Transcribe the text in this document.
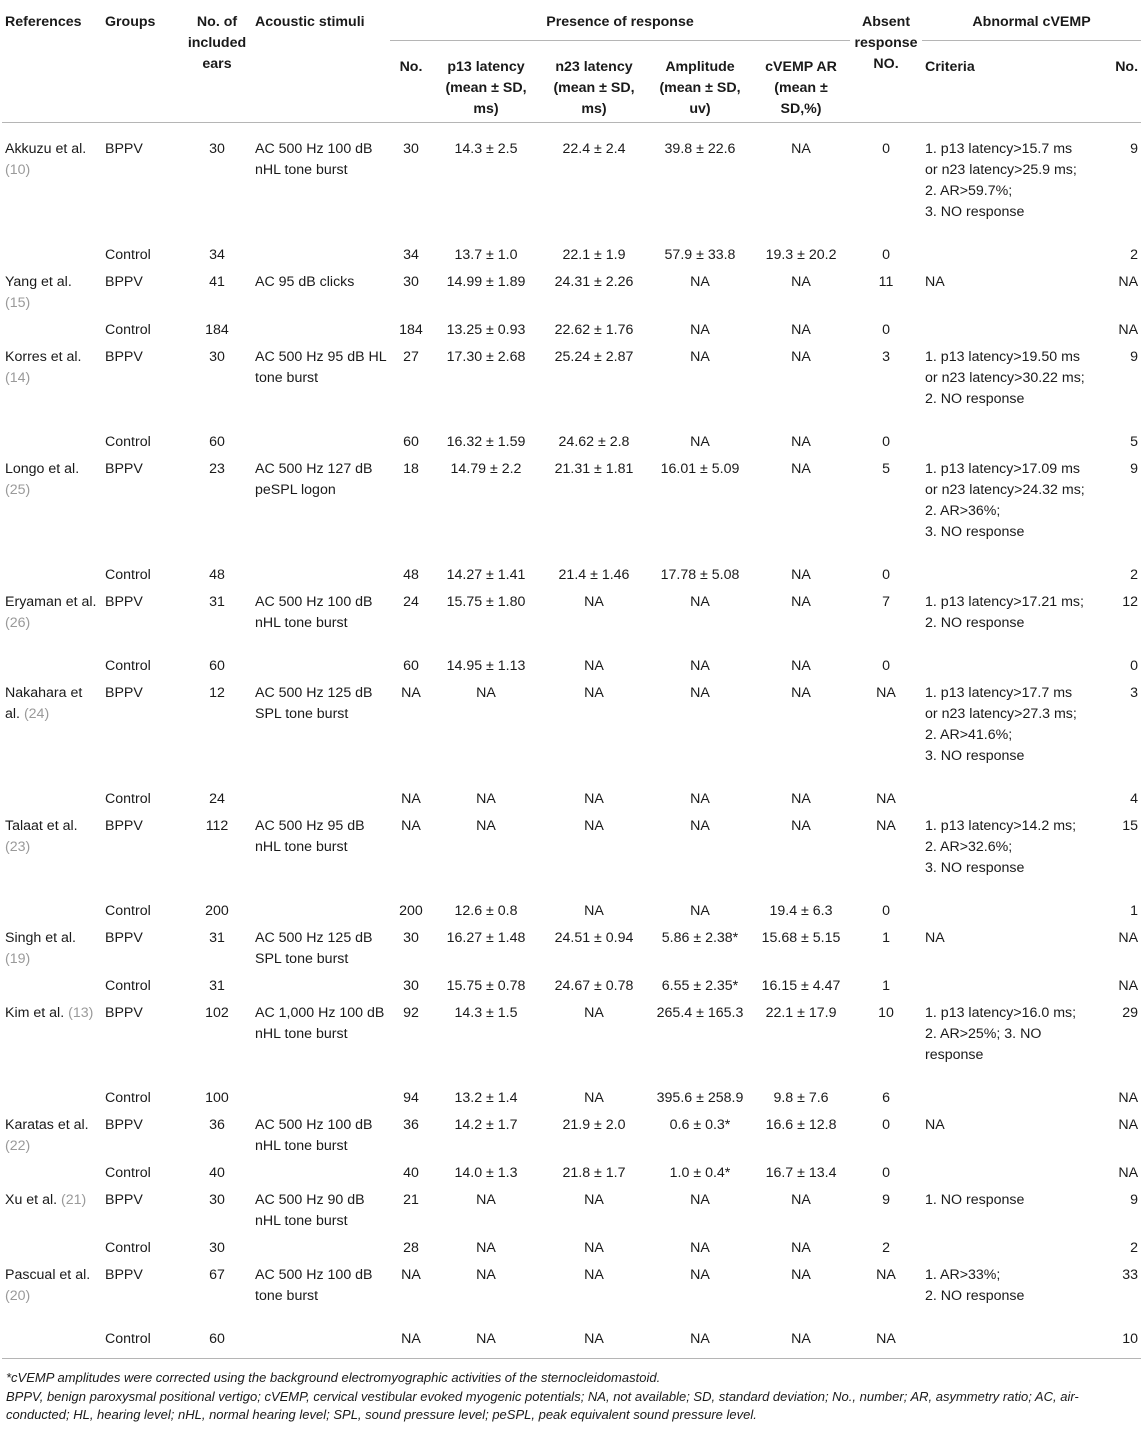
References	Groups	No. of included ears	Acoustic stimuli	Presence of response					Absent response NO.	Abnormal cVEMP	
				No.	p13 latency (mean ± SD, ms)	n23 latency (mean ± SD, ms)	Amplitude (mean ± SD, uv)	cVEMP AR (mean ± SD,%)		Criteria	No.
Akkuzu et al. (10)	BPPV	30	AC 500 Hz 100 dB nHL tone burst	30	14.3 ± 2.5	22.4 ± 2.4	39.8 ± 22.6	NA	0	1. p13 latency>15.7 ms or n23 latency>25.9 ms;
2. AR>59.7%;
3. NO response	9
	Control	34		34	13.7 ± 1.0	22.1 ± 1.9	57.9 ± 33.8	19.3 ± 20.2	0		2
Yang et al. (15)	BPPV	41	AC 95 dB clicks	30	14.99 ± 1.89	24.31 ± 2.26	NA	NA	11	NA	NA
	Control	184		184	13.25 ± 0.93	22.62 ± 1.76	NA	NA	0		NA
Korres et al. (14)	BPPV	30	AC 500 Hz 95 dB HL tone burst	27	17.30 ± 2.68	25.24 ± 2.87	NA	NA	3	1. p13 latency>19.50 ms or n23 latency>30.22 ms;
2. NO response	9
	Control	60		60	16.32 ± 1.59	24.62 ± 2.8	NA	NA	0		5
Longo et al. (25)	BPPV	23	AC 500 Hz 127 dB peSPL logon	18	14.79 ± 2.2	21.31 ± 1.81	16.01 ± 5.09	NA	5	1. p13 latency>17.09 ms or n23 latency>24.32 ms;
2. AR>36%;
3. NO response	9
	Control	48		48	14.27 ± 1.41	21.4 ± 1.46	17.78 ± 5.08	NA	0		2
Eryaman et al. (26)	BPPV	31	AC 500 Hz 100 dB nHL tone burst	24	15.75 ± 1.80	NA	NA	NA	7	1. p13 latency>17.21 ms;
2. NO response	12
	Control	60		60	14.95 ± 1.13	NA	NA	NA	0		0
Nakahara et al. (24)	BPPV	12	AC 500 Hz 125 dB SPL tone burst	NA	NA	NA	NA	NA	NA	1. p13 latency>17.7 ms or n23 latency>27.3 ms;
2. AR>41.6%;
3. NO response	3
	Control	24		NA	NA	NA	NA	NA	NA		4
Talaat et al. (23)	BPPV	112	AC 500 Hz 95 dB nHL tone burst	NA	NA	NA	NA	NA	NA	1. p13 latency>14.2 ms;
2. AR>32.6%;
3. NO response	15
	Control	200		200	12.6 ± 0.8	NA	NA	19.4 ± 6.3	0		1
Singh et al. (19)	BPPV	31	AC 500 Hz 125 dB SPL tone burst	30	16.27 ± 1.48	24.51 ± 0.94	5.86 ± 2.38*	15.68 ± 5.15	1	NA	NA
	Control	31		30	15.75 ± 0.78	24.67 ± 0.78	6.55 ± 2.35*	16.15 ± 4.47	1		NA
Kim et al. (13)	BPPV	102	AC 1,000 Hz 100 dB nHL tone burst	92	14.3 ± 1.5	NA	265.4 ± 165.3	22.1 ± 17.9	10	1. p13 latency>16.0 ms;
2. AR>25%; 3. NO response	29
	Control	100		94	13.2 ± 1.4	NA	395.6 ± 258.9	9.8 ± 7.6	6		NA
Karatas et al. (22)	BPPV	36	AC 500 Hz 100 dB nHL tone burst	36	14.2 ± 1.7	21.9 ± 2.0	0.6 ± 0.3*	16.6 ± 12.8	0	NA	NA
	Control	40		40	14.0 ± 1.3	21.8 ± 1.7	1.0 ± 0.4*	16.7 ± 13.4	0		NA
Xu et al. (21)	BPPV	30	AC 500 Hz 90 dB nHL tone burst	21	NA	NA	NA	NA	9	1. NO response	9
	Control	30		28	NA	NA	NA	NA	2		2
Pascual et al. (20)	BPPV	67	AC 500 Hz 100 dB tone burst	NA	NA	NA	NA	NA	NA	1. AR>33%;
2. NO response	33
	Control	60		NA	NA	NA	NA	NA	NA		10
*cVEMP amplitudes were corrected using the background electromyographic activities of the sternocleidomastoid.
BPPV, benign paroxysmal positional vertigo; cVEMP, cervical vestibular evoked myogenic potentials; NA, not available; SD, standard deviation; No., number; AR, asymmetry ratio; AC, air-conducted; HL, hearing level; nHL, normal hearing level; SPL, sound pressure level; peSPL, peak equivalent sound pressure level.
